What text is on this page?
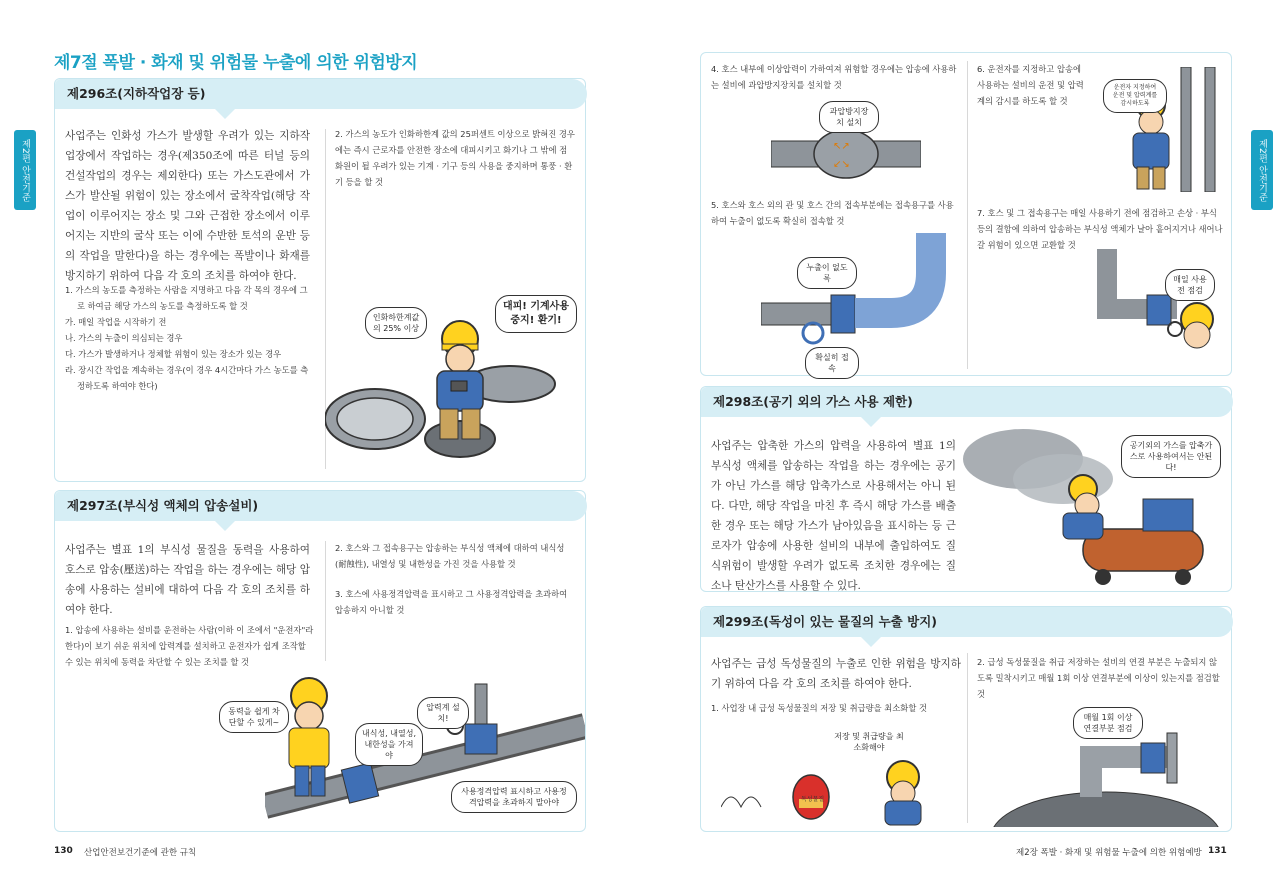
제7절 폭발 · 화재 및 위험물 누출에 의한 위험방지
제2편 안전기준
제296조(지하작업장 등)
사업주는 인화성 가스가 발생할 우려가 있는 지하작업장에서 작업하는 경우(제350조에 따른 터널 등의 건설작업의 경우는 제외한다) 또는 가스도관에서 가스가 발산될 위험이 있는 장소에서 굴착작업(해당 작업이 이루어지는 장소 및 그와 근접한 장소에서 이루어지는 지반의 굴삭 또는 이에 수반한 토석의 운반 등의 작업을 말한다)을 하는 경우에는 폭발이나 화재를 방지하기 위하여 다음 각 호의 조치를 하여야 한다.
1. 가스의 농도를 측정하는 사람을 지명하고 다음 각 목의 경우에 그로 하여금 해당 가스의 농도를 측정하도록 할 것
가. 매일 작업을 시작하기 전
나. 가스의 누출이 의심되는 경우
다. 가스가 발생하거나 정체할 위험이 있는 장소가 있는 경우
라. 장시간 작업을 계속하는 경우(이 경우 4시간마다 가스 농도를 측정하도록 하여야 한다)
2. 가스의 농도가 인화하한계 값의 25퍼센트 이상으로 밝혀진 경우에는 즉시 근로자를 안전한 장소에 대피시키고 화기나 그 밖에 점화원이 될 우려가 있는 기계 · 기구 등의 사용을 중지하며 통풍 · 환기 등을 할 것
인화하한계값의 25% 이상
대피! 기계사용 중지! 환기!
제297조(부식성 액체의 압송설비)
사업주는 별표 1의 부식성 물질을 동력을 사용하여 호스로 압송(壓送)하는 작업을 하는 경우에는 해당 압송에 사용하는 설비에 대하여 다음 각 호의 조치를 하여야 한다.
1. 압송에 사용하는 설비를 운전하는 사람(이하 이 조에서 "운전자"라 한다)이 보기 쉬운 위치에 압력계를 설치하고 운전자가 쉽게 조작할 수 있는 위치에 동력을 차단할 수 있는 조치를 할 것
2. 호스와 그 접속용구는 압송하는 부식성 액체에 대하여 내식성(耐蝕性), 내열성 및 내한성을 가진 것을 사용할 것
3. 호스에 사용정격압력을 표시하고 그 사용정격압력을 초과하여 압송하지 아니할 것
동력을 쉽게 차단할 수 있게~
내식성, 내열성, 내한성을 가져야
압력계 설치!
사용정격압력 표시하고 사용정격압력을 초과하지 말아야
130 산업안전보건기준에 관한 규칙
제2편 안전기준
4. 호스 내부에 이상압력이 가하여져 위험할 경우에는 압송에 사용하는 설비에 과압방지장치를 설치할 것
5. 호스와 호스 외의 관 및 호스 간의 접속부분에는 접속용구를 사용하여 누출이 없도록 확실히 접속할 것
6. 운전자를 지정하고 압송에 사용하는 설비의 운전 및 압력계의 감시를 하도록 할 것
7. 호스 및 그 접속용구는 매일 사용하기 전에 점검하고 손상 · 부식 등의 결함에 의하여 압송하는 부식성 액체가 날아 흩어지거나 새어나갈 위험이 있으면 교환할 것
↖↗
↙↘
과압방지장치 설치
누출이 없도록
확실히 접속
운전자 지정하여 운전 및 압력계를 감시하도록
매일 사용전 점검
제298조(공기 외의 가스 사용 제한)
사업주는 압축한 가스의 압력을 사용하여 별표 1의 부식성 액체를 압송하는 작업을 하는 경우에는 공기가 아닌 가스를 해당 압축가스로 사용해서는 아니 된다. 다만, 해당 작업을 마친 후 즉시 해당 가스를 배출한 경우 또는 해당 가스가 남아있음을 표시하는 등 근로자가 압송에 사용한 설비의 내부에 출입하여도 질식위험이 발생할 우려가 없도록 조치한 경우에는 질소나 탄산가스를 사용할 수 있다.
공기외의 가스를 압축가스로 사용하여서는 안된다!
제299조(독성이 있는 물질의 누출 방지)
사업주는 급성 독성물질의 누출로 인한 위험을 방지하기 위하여 다음 각 호의 조치를 하여야 한다.
1. 사업장 내 급성 독성물질의 저장 및 취급량을 최소화할 것
2. 급성 독성물질을 취급 저장하는 설비의 연결 부분은 누출되지 않도록 밀착시키고 매월 1회 이상 연결부분에 이상이 있는지를 점검할 것
독성물질
저장 및 취급량을 최소화해야
매월 1회 이상 연결부분 점검
제2장 폭발 · 화재 및 위험물 누출에 의한 위험예방 131
